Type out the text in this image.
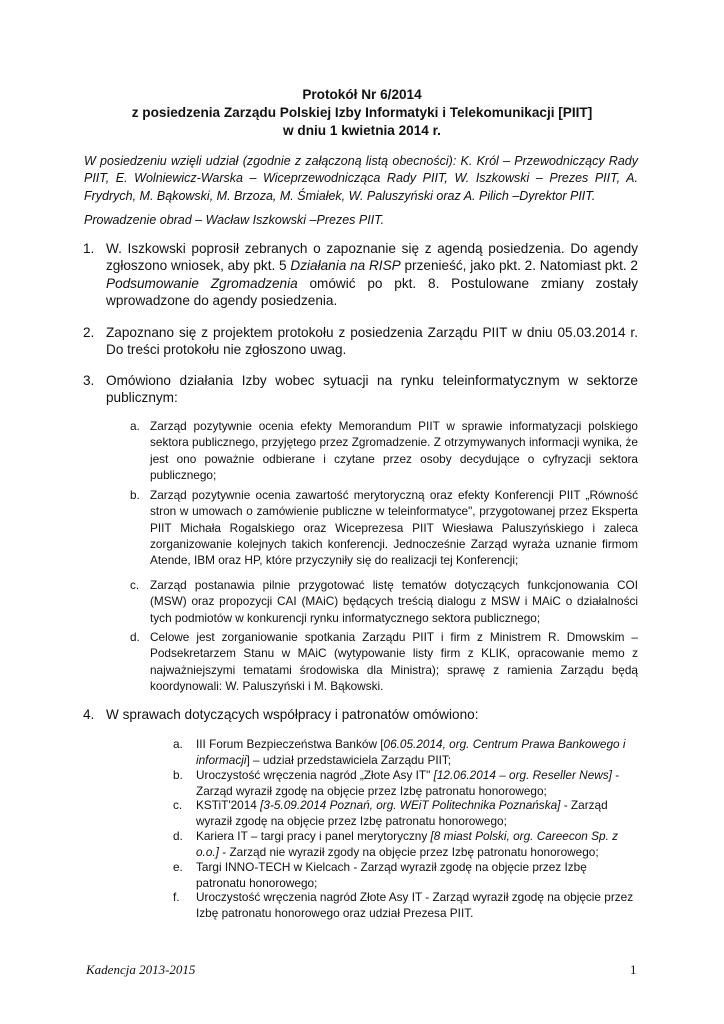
Protokół Nr 6/2014
z posiedzenia Zarządu Polskiej Izby Informatyki i Telekomunikacji [PIIT]
w dniu 1 kwietnia 2014 r.

W posiedzeniu wzięli udział (zgodnie z załączoną listą obecności): K. Król – Przewodniczący Rady PIIT, E. Wolniewicz-Warska – Wiceprzewodnicząca Rady PIIT, W. Iszkowski – Prezes PIIT, A. Frydrych, M. Bąkowski, M. Brzoza, M. Śmiałek, W. Paluszyński oraz A. Pilich –Dyrektor PIIT.

Prowadzenie obrad – Wacław Iszkowski –Prezes PIIT.

1. W. Iszkowski poprosił zebranych o zapoznanie się z agendą posiedzenia. Do agendy zgłoszono wniosek, aby pkt. 5 Działania na RISP przenieść, jako pkt. 2. Natomiast pkt. 2 Podsumowanie Zgromadzenia omówić po pkt. 8. Postulowane zmiany zostały wprowadzone do agendy posiedzenia.

2. Zapoznano się z projektem protokołu z posiedzenia Zarządu PIIT w dniu 05.03.2014 r. Do treści protokołu nie zgłoszono uwag.

3. Omówiono działania Izby wobec sytuacji na rynku teleinformatycznym w sektorze publicznym:

a. Zarząd pozytywnie ocenia efekty Memorandum PIIT w sprawie informatyzacji polskiego sektora publicznego, przyjętego przez Zgromadzenie. Z otrzymywanych informacji wynika, że jest ono poważnie odbierane i czytane przez osoby decydujące o cyfryzacji sektora publicznego;

b. Zarząd pozytywnie ocenia zawartość merytoryczną oraz efekty Konferencji PIIT „Równość stron w umowach o zamówienie publiczne w teleinformatyce", przygotowanej przez Eksperta PIIT Michała Rogalskiego oraz Wiceprezesa PIIT Wiesława Paluszyńskiego i zaleca zorganizowanie kolejnych takich konferencji. Jednocześnie Zarząd wyraża uznanie firmom Atende, IBM oraz HP, które przyczyniły się do realizacji tej Konferencji;

c. Zarząd postanawia pilnie przygotować listę tematów dotyczących funkcjonowania COI (MSW) oraz propozycji CAI (MAiC) będących treścią dialogu z MSW i MAiC o działalności tych podmiotów w konkurencji rynku informatycznego sektora publicznego;

d. Celowe jest zorganiowanie spotkania Zarządu PIIT i firm z Ministrem R. Dmowskim – Podsekretarzem Stanu w MAiC (wytypowanie listy firm z KLIK, opracowanie memo z najważniejszymi tematami środowiska dla Ministra); sprawę z ramienia Zarządu będą koordynowali: W. Paluszyński i M. Bąkowski.

4. W sprawach dotyczących współpracy i patronatów omówiono:

a. III Forum Bezpieczeństwa Banków [06.05.2014, org. Centrum Prawa Bankowego i informacji] – udział przedstawiciela Zarządu PIIT;

b. Uroczystość wręczenia nagród „Złote Asy IT" [12.06.2014 – org. Reseller News] - Zarząd wyraził zgodę na objęcie przez Izbę patronatu honorowego;

c. KSTiT'2014 [3-5.09.2014 Poznań, org. WEiT Politechnika Poznańska] - Zarząd wyraził zgodę na objęcie przez Izbę patronatu honorowego;

d. Kariera IT – targi pracy i panel merytoryczny [8 miast Polski, org. Careecon Sp. z o.o.] - Zarząd nie wyraził zgody na objęcie przez Izbę patronatu honorowego;

e. Targi INNO-TECH w Kielcach - Zarząd wyraził zgodę na objęcie przez Izbę patronatu honorowego;

f. Uroczystość wręczenia nagród Złote Asy IT - Zarząd wyraził zgodę na objęcie przez Izbę patronatu honorowego oraz udział Prezesa PIIT.

Kadencja 2013-2015	1
